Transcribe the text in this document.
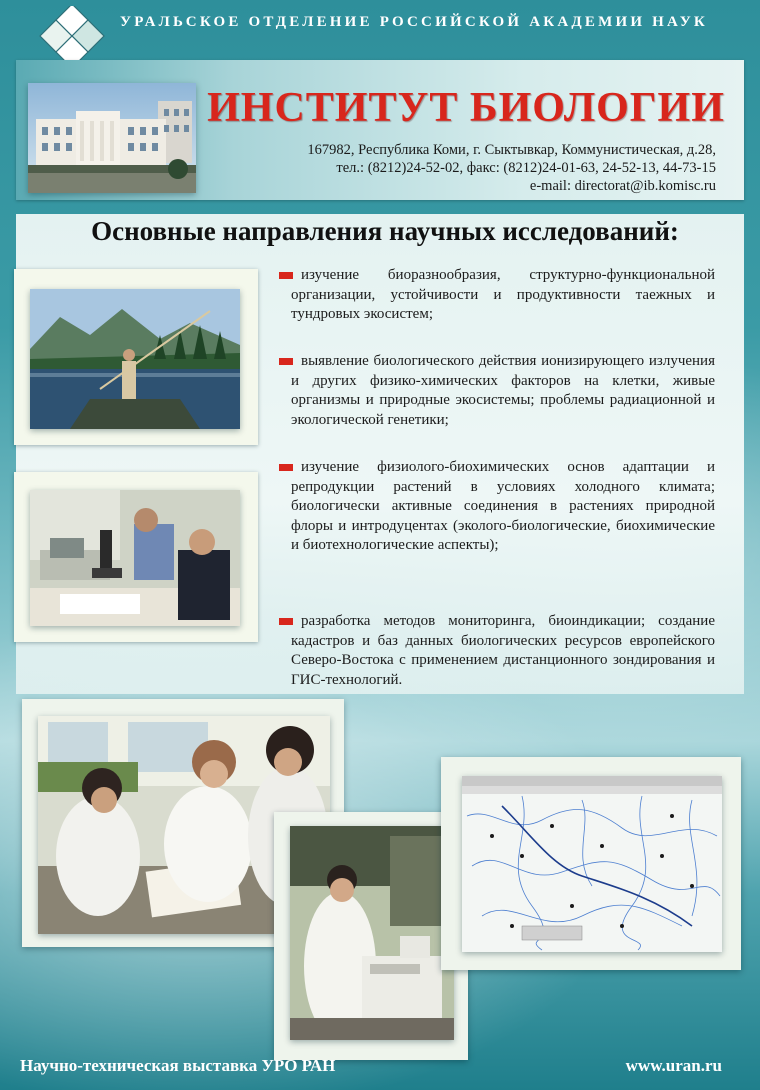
УРАЛЬСКОЕ ОТДЕЛЕНИЕ РОССИЙСКОЙ АКАДЕМИИ НАУК
ИНСТИТУТ БИОЛОГИИ
167982, Республика Коми, г. Сыктывкар, Коммунистическая, д.28,
тел.: (8212)24-52-02, факс: (8212)24-01-63, 24-52-13, 44-73-15
e-mail: directorat@ib.komisc.ru
Основные направления научных исследований:
изучение биоразнообразия, структурно-функциональной организации, устойчивости и продуктивности таежных и тундровых экосистем;
выявление биологического действия ионизирующего излучения и других физико-химических факторов на клетки, живые организмы и природные экосистемы; проблемы радиационной и экологической генетики;
изучение физиолого-биохимических основ адаптации и репродукции растений в условиях холодного климата; биологически активные соединения в растениях природной флоры и интродуцентах (эколого-биологические, биохимические и биотехнологические аспекты);
разработка методов мониторинга, биоиндикации; создание кадастров и баз данных биологических ресурсов европейского Северо-Востока с применением дистанционного зондирования и ГИС-технологий.
Научно-техническая выставка УРО РАН	www.uran.ru
